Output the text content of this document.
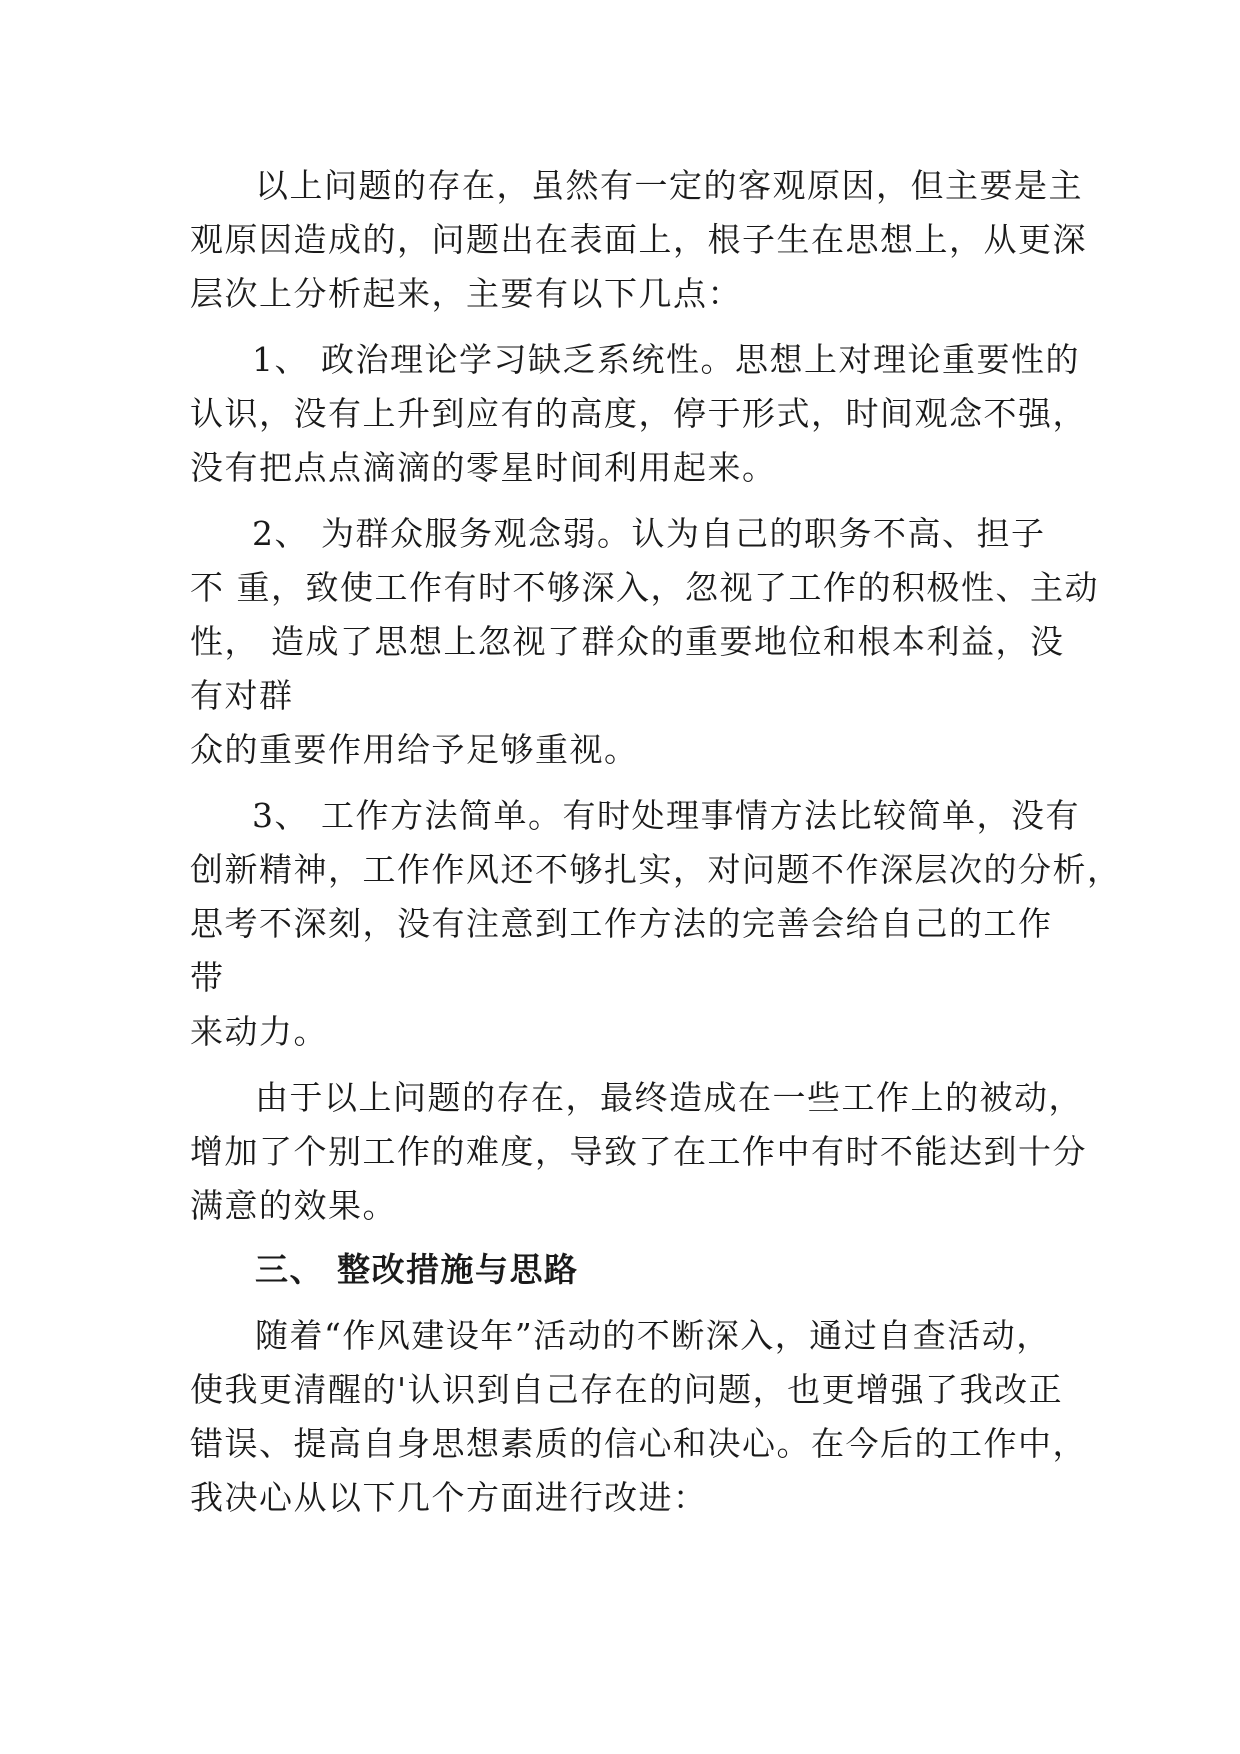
以上问题的存在，虽然有一定的客观原因，但主要是主
观原因造成的，问题出在表面上，根子生在思想上，从更深
层次上分析起来，主要有以下几点：
1、 政治理论学习缺乏系统性。思想上对理论重要性的
认识，没有上升到应有的高度，停于形式，时间观念不强，
没有把点点滴滴的零星时间利用起来。
2、 为群众服务观念弱。认为自己的职务不高、担子
不 重，致使工作有时不够深入，忽视了工作的积极性、主动
性， 造成了思想上忽视了群众的重要地位和根本利益，没
有对群
众的重要作用给予足够重视。
3、 工作方法简单。有时处理事情方法比较简单，没有
创新精神，工作作风还不够扎实，对问题不作深层次的分析，
思考不深刻，没有注意到工作方法的完善会给自己的工作
带
来动力。
由于以上问题的存在，最终造成在一些工作上的被动，
增加了个别工作的难度，导致了在工作中有时不能达到十分
满意的效果。
三、 整改措施与思路
随着“作风建设年”活动的不断深入，通过自查活动，
使我更清醒的'认识到自己存在的问题，也更增强了我改正
错误、提高自身思想素质的信心和决心。在今后的工作中，
我决心从以下几个方面进行改进：
